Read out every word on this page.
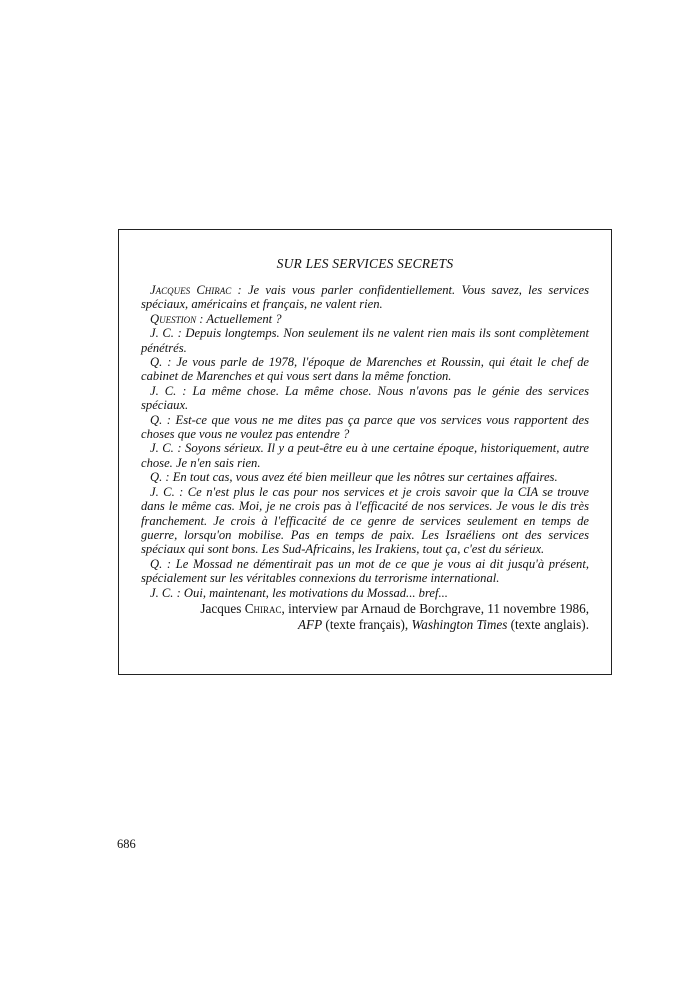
SUR LES SERVICES SECRETS

Jacques Chirac : Je vais vous parler confidentiellement. Vous savez, les services spéciaux, américains et français, ne valent rien.

Question : Actuellement ?

J. C. : Depuis longtemps. Non seulement ils ne valent rien mais ils sont complètement pénétrés.

Q. : Je vous parle de 1978, l'époque de Marenches et Roussin, qui était le chef de cabinet de Marenches et qui vous sert dans la même fonction.

J. C. : La même chose. La même chose. Nous n'avons pas le génie des services spéciaux.

Q. : Est-ce que vous ne me dites pas ça parce que vos services vous rapportent des choses que vous ne voulez pas entendre ?

J. C. : Soyons sérieux. Il y a peut-être eu à une certaine époque, historiquement, autre chose. Je n'en sais rien.

Q. : En tout cas, vous avez été bien meilleur que les nôtres sur certaines affaires.

J. C. : Ce n'est plus le cas pour nos services et je crois savoir que la CIA se trouve dans le même cas. Moi, je ne crois pas à l'efficacité de nos services. Je vous le dis très franchement. Je crois à l'efficacité de ce genre de services seulement en temps de guerre, lorsqu'on mobilise. Pas en temps de paix. Les Israéliens ont des services spéciaux qui sont bons. Les Sud-Africains, les Irakiens, tout ça, c'est du sérieux.

Q. : Le Mossad ne démentirait pas un mot de ce que je vous ai dit jusqu'à présent, spécialement sur les véritables connexions du terrorisme international.

J. C. : Oui, maintenant, les motivations du Mossad... bref...

Jacques Chirac, interview par Arnaud de Borchgrave, 11 novembre 1986,
AFP (texte français), Washington Times (texte anglais).
686
